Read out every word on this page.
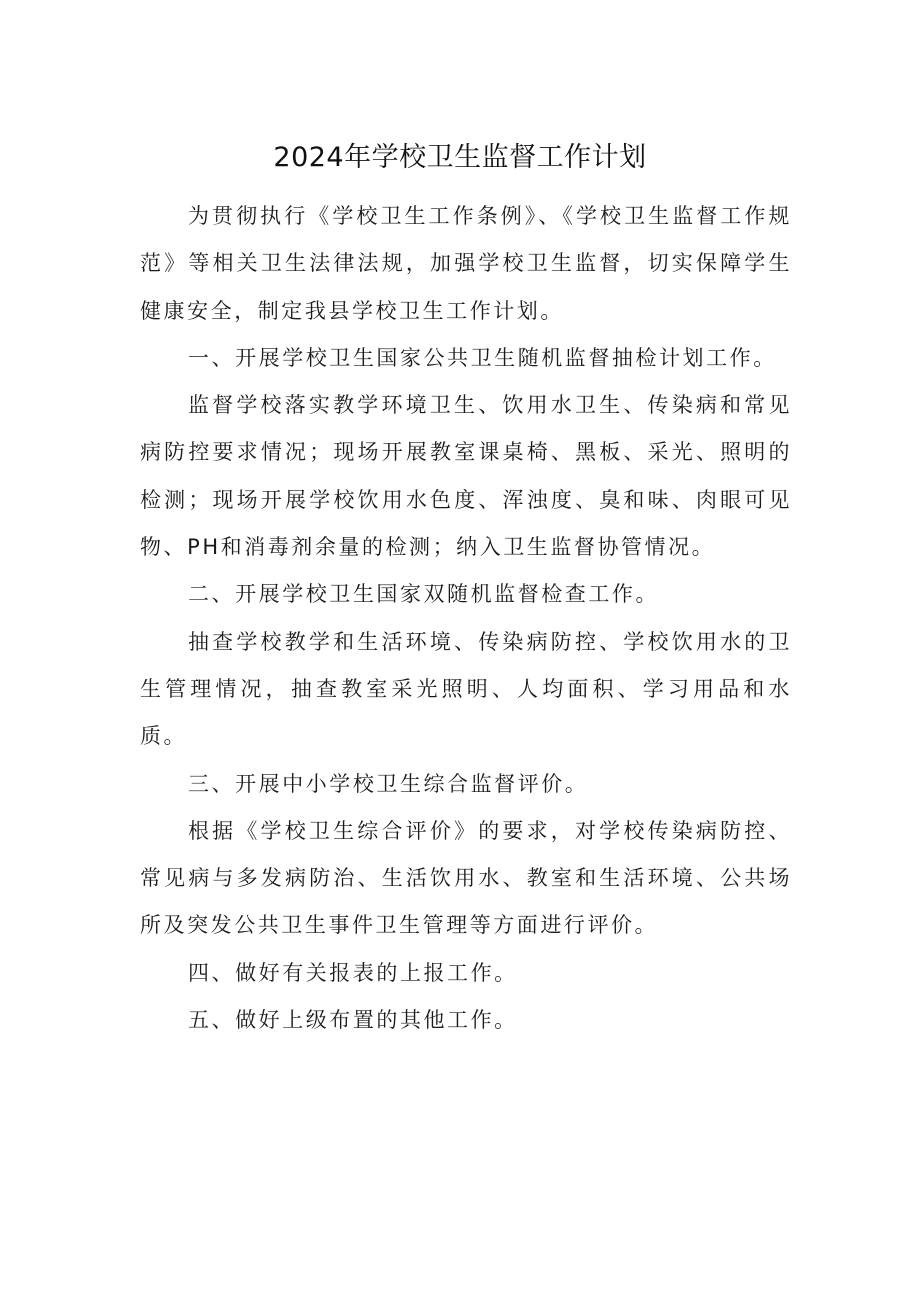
2024年学校卫生监督工作计划

为贯彻执行《学校卫生工作条例》、《学校卫生监督工作规范》等相关卫生法律法规，加强学校卫生监督，切实保障学生健康安全，制定我县学校卫生工作计划。

一、开展学校卫生国家公共卫生随机监督抽检计划工作。

监督学校落实教学环境卫生、饮用水卫生、传染病和常见病防控要求情况；现场开展教室课桌椅、黑板、采光、照明的检测；现场开展学校饮用水色度、浑浊度、臭和味、肉眼可见物、PH和消毒剂余量的检测；纳入卫生监督协管情况。

二、开展学校卫生国家双随机监督检查工作。

抽查学校教学和生活环境、传染病防控、学校饮用水的卫生管理情况，抽查教室采光照明、人均面积、学习用品和水质。

三、开展中小学校卫生综合监督评价。

根据《学校卫生综合评价》的要求，对学校传染病防控、常见病与多发病防治、生活饮用水、教室和生活环境、公共场所及突发公共卫生事件卫生管理等方面进行评价。

四、做好有关报表的上报工作。

五、做好上级布置的其他工作。
